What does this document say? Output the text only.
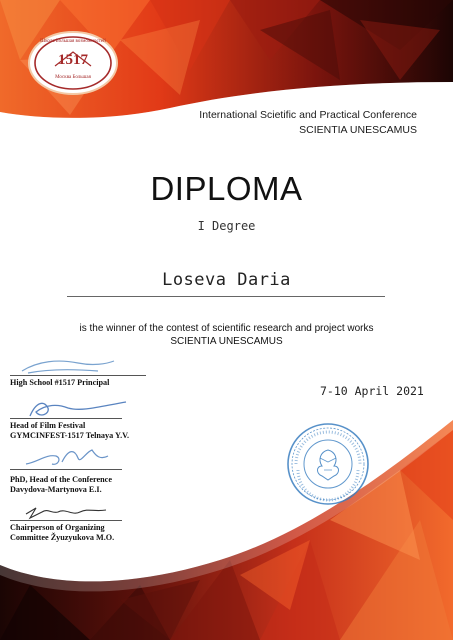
Школа Большая возможностей
1517
Москва Большая
International Scietific and Practical Conference
SCIENTIA UNESCAMUS
DIPLOMA
I Degree
Loseva Daria
is the winner of the contest of scientific research and project works
SCIENTIA UNESCAMUS
7-10 April 2021
High School #1517 Principal
Head of Film Festival
GYMCINFEST-1517 Telnaya Y.V.
PhD, Head of the Conference
Davydova-Martynova E.I.
Chairperson of Organizing
Committee Žyuzyukova M.O.
